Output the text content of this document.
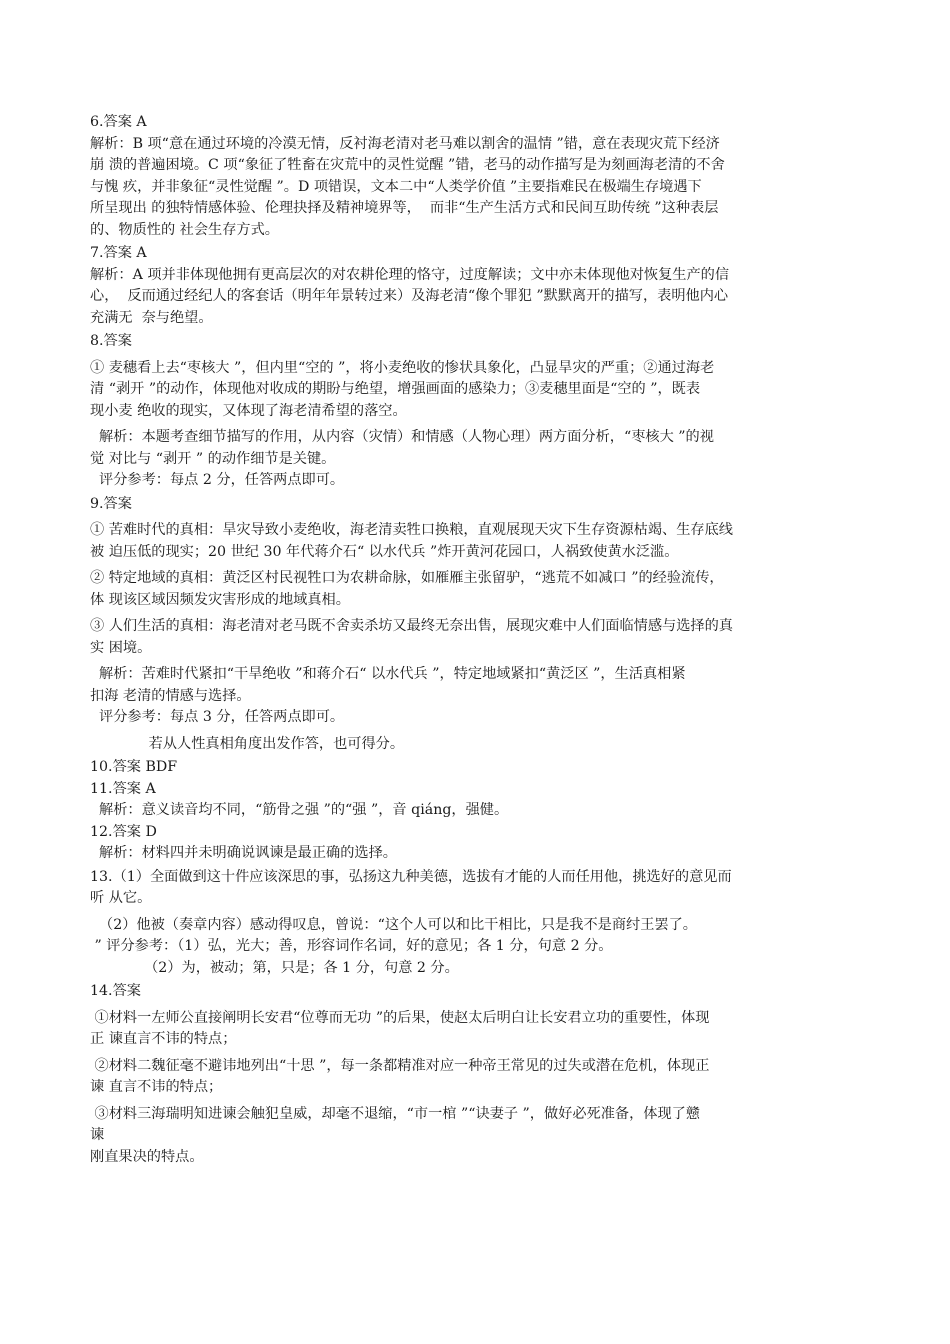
6.答案 A
解析：B 项“意在通过环境的冷漠无情，反衬海老清对老马难以割舍的温情 ”错，意在表现灾荒下经济
崩 溃的普遍困境。C 项“象征了牲畜在灾荒中的灵性觉醒 ”错，老马的动作描写是为刻画海老清的不舍
与愧 疚，并非象征“灵性觉醒 ”。D 项错误，文本二中“人类学价值 ”主要指难民在极端生存境遇下
所呈现出 的独特情感体验、伦理抉择及精神境界等，  而非“生产生活方式和民间互助传统 ”这种表层
的、物质性的 社会生存方式。
7.答案 A
解析：A 项并非体现他拥有更高层次的对农耕伦理的恪守，过度解读；文中亦未体现他对恢复生产的信
心，  反而通过经纪人的客套话（明年年景转过来）及海老清“像个罪犯 ”默默离开的描写，表明他内心
充满无  奈与绝望。
8.答案
① 麦穗看上去“枣核大 ”，但内里“空的 ”，将小麦绝收的惨状具象化，凸显旱灾的严重；②通过海老
清 “剥开 ”的动作，体现他对收成的期盼与绝望，增强画面的感染力；③麦穗里面是“空的 ”，既表
现小麦 绝收的现实，又体现了海老清希望的落空。
解析：本题考查细节描写的作用，从内容（灾情）和情感（人物心理）两方面分析，“枣核大 ”的视
觉 对比与 “剥开 ” 的动作细节是关键。
评分参考：每点 2 分，任答两点即可。
9.答案
① 苦难时代的真相：旱灾导致小麦绝收，海老清卖牲口换粮，直观展现天灾下生存资源枯竭、生存底线
被 迫压低的现实；20 世纪 30 年代蒋介石“ 以水代兵 ”炸开黄河花园口，人祸致使黄水泛滥。
② 特定地域的真相：黄泛区村民视牲口为农耕命脉，如雁雁主张留驴，“逃荒不如减口 ”的经验流传，
体 现该区域因频发灾害形成的地域真相。
③ 人们生活的真相：海老清对老马既不舍卖杀坊又最终无奈出售，展现灾难中人们面临情感与选择的真
实 困境。
解析：苦难时代紧扣“干旱绝收 ”和蒋介石“ 以水代兵 ”，特定地域紧扣“黄泛区 ”，生活真相紧
扣海 老清的情感与选择。
评分参考：每点 3 分，任答两点即可。
若从人性真相角度出发作答，也可得分。
10.答案 BDF
11.答案 A
解析：意义读音均不同，“筋骨之强 ”的“强 ”，音 qiáng，强健。
12.答案 D
解析：材料四并未明确说讽谏是最正确的选择。
13.（1）全面做到这十件应该深思的事，弘扬这九种美德，选拔有才能的人而任用他，挑选好的意见而
听 从它。
（2）他被（奏章内容）感动得叹息，曾说：“这个人可以和比干相比，只是我不是商纣王罢了。
” 评分参考：（1）弘，光大；善，形容词作名词，好的意见；各 1 分，句意 2 分。
（2）为，被动；第，只是；各 1 分，句意 2 分。
14.答案
①材料一左师公直接阐明长安君“位尊而无功 ”的后果，使赵太后明白让长安君立功的重要性，体现
正 谏直言不讳的特点；
②材料二魏征毫不避讳地列出“十思 ”，每一条都精准对应一种帝王常见的过失或潜在危机，体现正
谏 直言不讳的特点；
③材料三海瑞明知进谏会触犯皇威，却毫不退缩，“市一棺 ”“诀妻子 ”，做好必死准备，体现了戆
谏
刚直果决的特点。
